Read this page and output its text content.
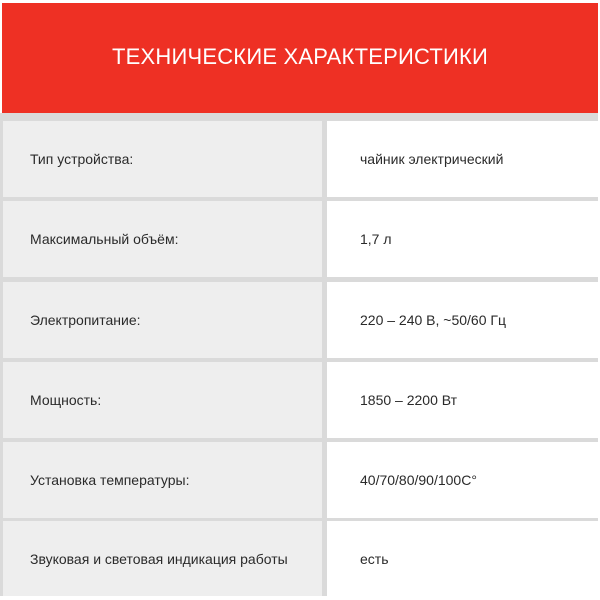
ТЕХНИЧЕСКИЕ ХАРАКТЕРИСТИКИ
Тип устройства:	чайник электрический
Максимальный объём:	1,7 л
Электропитание:	220 – 240 В, ~50/60 Гц
Мощность:	1850 – 2200 Вт
Установка температуры:	40/70/80/90/100С°
Звуковая и световая индикация работы	есть
